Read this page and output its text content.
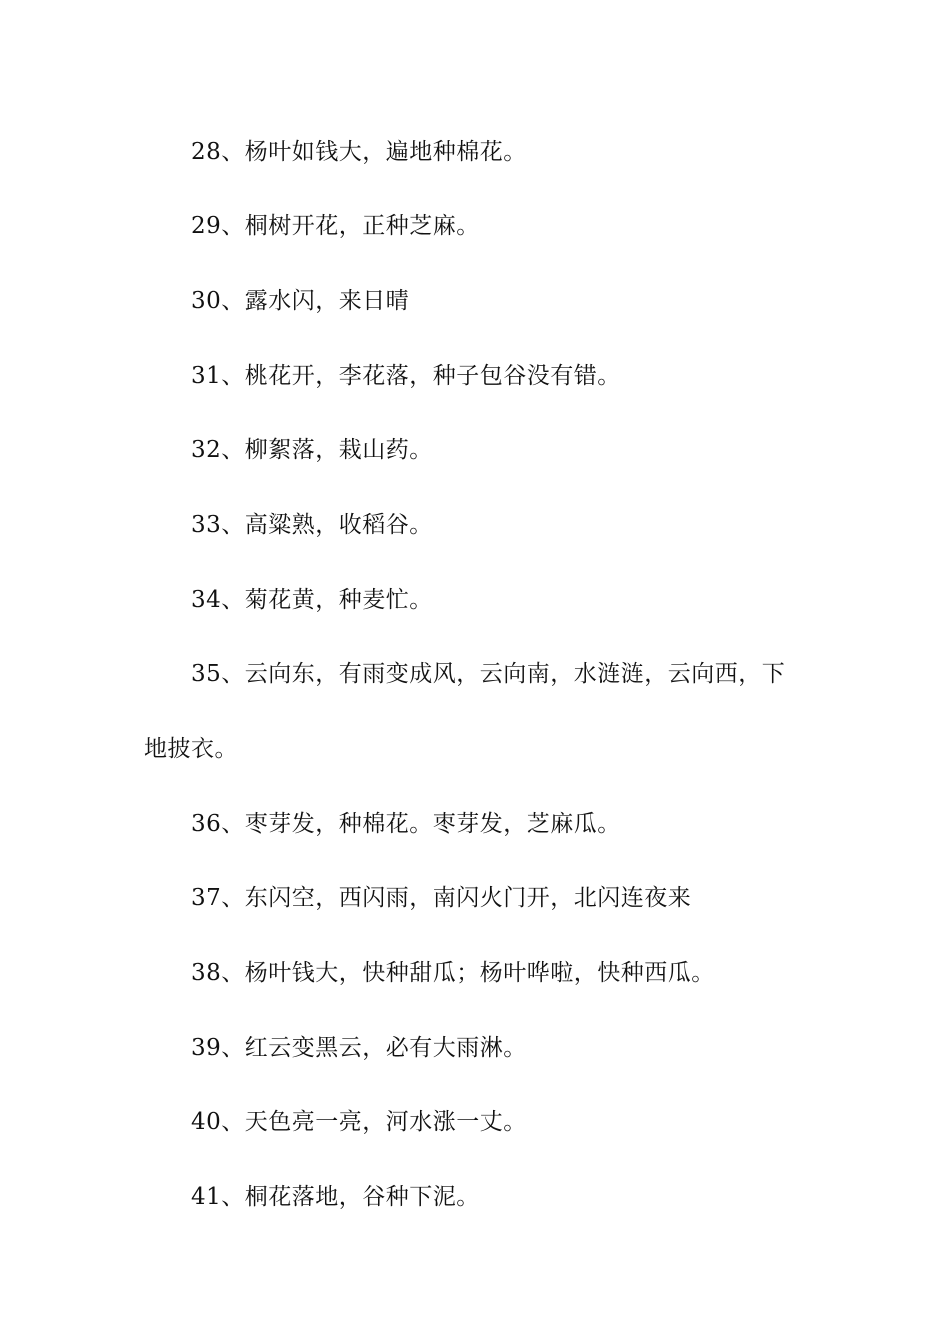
28、杨叶如钱大，遍地种棉花。
29、桐树开花，正种芝麻。
30、露水闪，来日晴
31、桃花开，李花落，种子包谷没有错。
32、柳絮落，栽山药。
33、高粱熟，收稻谷。
34、菊花黄，种麦忙。
35、云向东，有雨变成风，云向南，水涟涟，云向西，下
地披衣。
36、枣芽发，种棉花。枣芽发，芝麻瓜。
37、东闪空，西闪雨，南闪火门开，北闪连夜来
38、杨叶钱大，快种甜瓜；杨叶哗啦，快种西瓜。
39、红云变黑云，必有大雨淋。
40、天色亮一亮，河水涨一丈。
41、桐花落地，谷种下泥。
